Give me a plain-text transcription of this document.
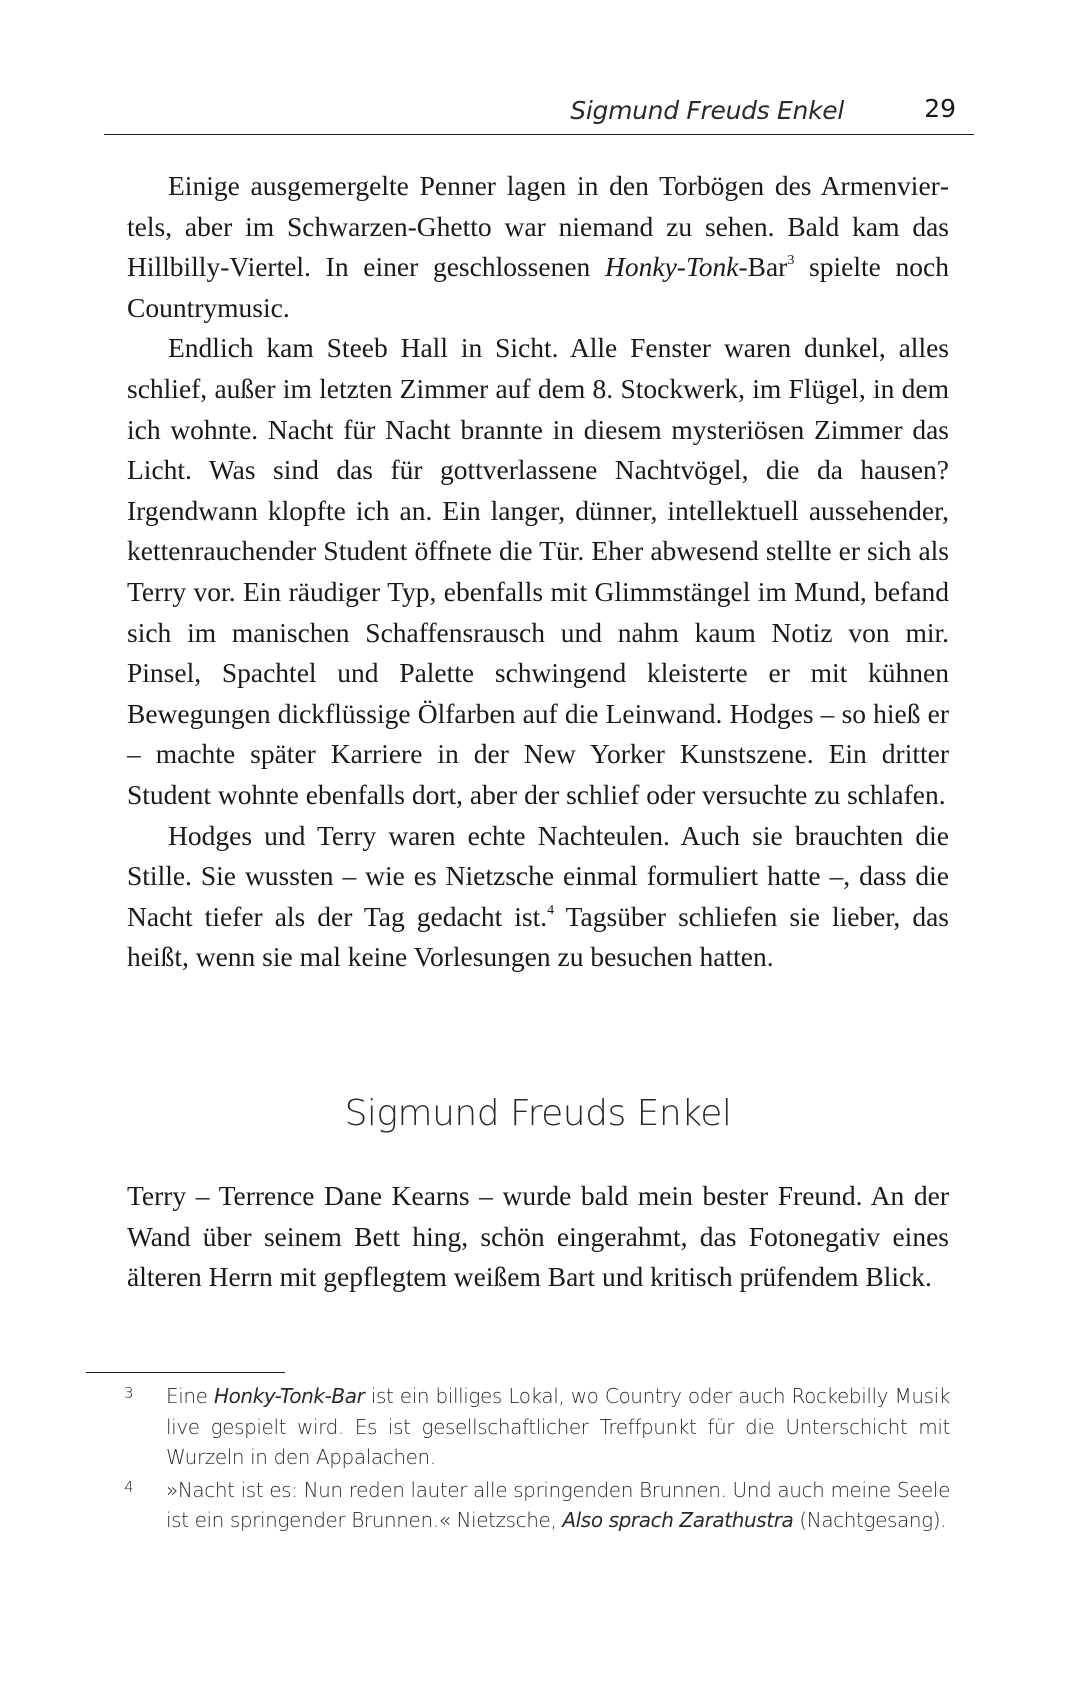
Sigmund Freuds Enkel	29

Einige ausgemergelte Penner lagen in den Torbögen des Armenviertels, aber im Schwarzen-Ghetto war niemand zu sehen. Bald kam das Hillbilly-Viertel. In einer geschlossenen Honky-Tonk-Bar$^3$ spielte noch Countrymusic.

Endlich kam Steeb Hall in Sicht. Alle Fenster waren dunkel, alles schlief, außer im letzten Zimmer auf dem 8. Stockwerk, im Flügel, in dem ich wohnte. Nacht für Nacht brannte in diesem mysteriösen Zimmer das Licht. Was sind das für gottverlassene Nachtvögel, die da hausen? Irgendwann klopfte ich an. Ein langer, dünner, intellektuell aussehender, kettenrauchender Student öffnete die Tür. Eher abwesend stellte er sich als Terry vor. Ein räudiger Typ, ebenfalls mit Glimmstängel im Mund, befand sich im manischen Schaffensrausch und nahm kaum Notiz von mir. Pinsel, Spachtel und Palette schwingend kleisterte er mit kühnen Bewegungen dickflüssige Ölfarben auf die Leinwand. Hodges – so hieß er – machte später Karriere in der New Yorker Kunstszene. Ein dritter Student wohnte ebenfalls dort, aber der schlief oder versuchte zu schlafen.

Hodges und Terry waren echte Nachteulen. Auch sie brauchten die Stille. Sie wussten – wie es Nietzsche einmal formuliert hatte –, dass die Nacht tiefer als der Tag gedacht ist.$^4$ Tagsüber schliefen sie lieber, das heißt, wenn sie mal keine Vorlesungen zu besuchen hatten.

Sigmund Freuds Enkel

Terry – Terrence Dane Kearns – wurde bald mein bester Freund. An der Wand über seinem Bett hing, schön eingerahmt, das Fotonegativ eines älteren Herrn mit gepflegtem weißem Bart und kritisch prüfendem Blick.

3 Eine Honky-Tonk-Bar ist ein billiges Lokal, wo Country oder auch Rockebilly Musik live gespielt wird. Es ist gesellschaftlicher Treffpunkt für die Unterschicht mit Wurzeln in den Appalachen.
4 »Nacht ist es: Nun reden lauter alle springenden Brunnen. Und auch meine Seele ist ein springender Brunnen.« Nietzsche, Also sprach Zarathustra (Nachtgesang).
